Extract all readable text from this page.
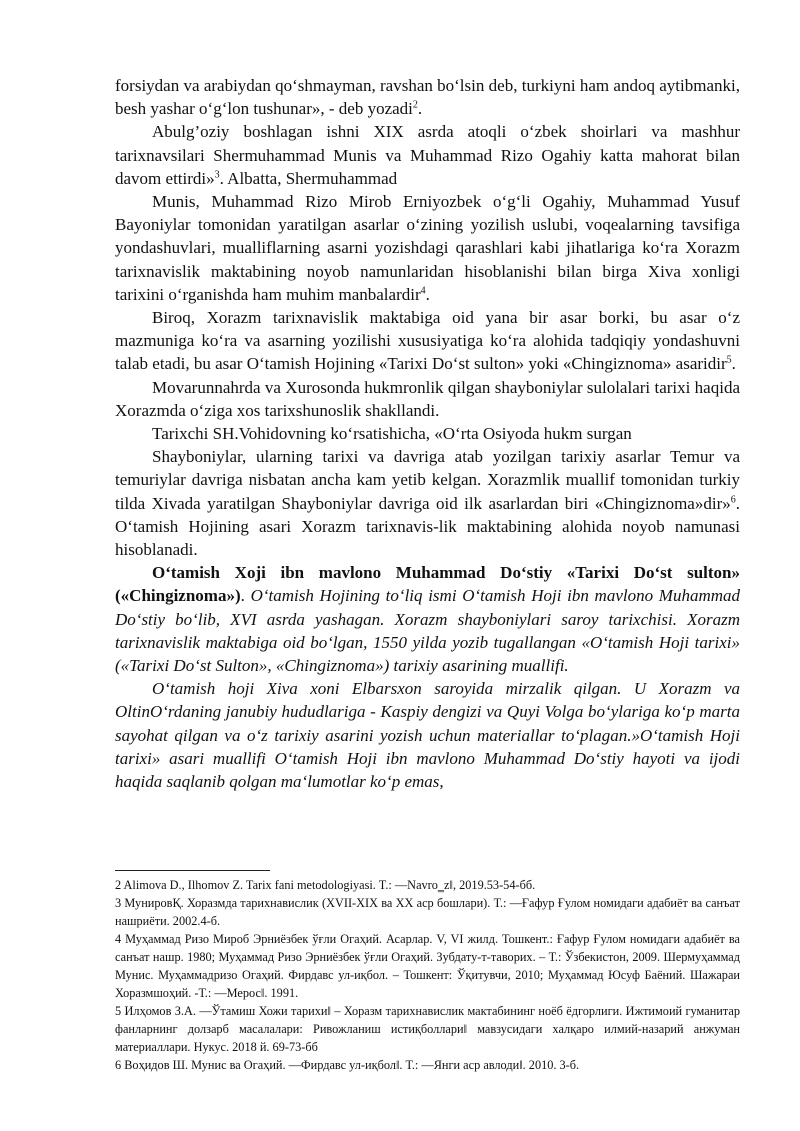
forsiydan va arabiydan qoʻshmayman, ravshan boʻlsin deb, turkiyni ham andoq aytibmanki, besh yashar oʻgʻlon tushunar», - deb yozadi$^2$.

Abulg’oziy boshlagan ishni XIX asrda atoqli oʻzbek shoirlari va mashhur tarixnavsilari Shermuhammad Munis va Muhammad Rizo Ogahiy katta mahorat bilan davom ettirdi»$^3$. Albatta, Shermuhammad

Munis, Muhammad Rizo Mirob Erniyozbek oʻgʻli Ogahiy, Muhammad Yusuf Bayoniylar tomonidan yaratilgan asarlar oʻzining yozilish uslubi, voqealarning tavsifiga yondashuvlari, mualliflarning asarni yozishdagi qarashlari kabi jihatlariga koʻra Xorazm tarixnavislik maktabining noyob namunlaridan hisoblanishi bilan birga Xiva xonligi tarixini oʻrganishda ham muhim manbalardir$^4$.

Biroq, Xorazm tarixnavislik maktabiga oid yana bir asar borki, bu asar oʻz mazmuniga koʻra va asarning yozilishi xususiyatiga koʻra alohida tadqiqiy yondashuvni talab etadi, bu asar Oʻtamish Hojining «Tarixi Doʻst sulton» yoki «Chingiznoma» asaridir$^5$.

Movarunnahrda va Xurosonda hukmronlik qilgan shayboniylar sulolalari tarixi haqida Xorazmda oʻziga xos tarixshunoslik shakllandi.

Tarixchi SH.Vohidovning koʻrsatishicha, «Oʻrta Osiyoda hukm surgan

Shayboniylar, ularning tarixi va davriga atab yozilgan tarixiy asarlar Temur va temuriylar davriga nisbatan ancha kam yetib kelgan. Xorazmlik muallif tomonidan turkiy tilda Xivada yaratilgan Shayboniylar davriga oid ilk asarlardan biri «Chingiznoma»dir»$^6$. Oʻtamish Hojining asari Xorazm tarixnavis-lik maktabining alohida noyob namunasi hisoblanadi.

Oʻtamish Xoji ibn mavlono Muhammad Doʻstiy «Tarixi Doʻst sulton» («Chingiznoma»). Oʻtamish Hojining toʻliq ismi Oʻtamish Hoji ibn mavlono Muhammad Doʻstiy boʻlib, XVI asrda yashagan. Xorazm shayboniylari saroy tarixchisi. Xorazm tarixnavislik maktabiga oid boʻlgan, 1550 yilda yozib tugallangan «Oʻtamish Hoji tarixi» («Tarixi Doʻst Sulton», «Chingiznoma») tarixiy asarining muallifi.

Oʻtamish hoji Xiva xoni Elbarsxon saroyida mirzalik qilgan. U Xorazm va OltinOʻrdaning janubiy hududlariga - Kaspiy dengizi va Quyi Volga boʻylariga koʻp marta sayohat qilgan va oʻz tarixiy asarini yozish uchun materiallar toʻplagan.»Oʻtamish Hoji tarixi» asari muallifi Oʻtamish Hoji ibn mavlono Muhammad Doʻstiy hayoti va ijodi haqida saqlanib qolgan maʻlumotlar koʻp emas,

2 Alimova D., Ilhomov Z. Tarix fani metodologiyasi. T.: ―Navro‗zǁ, 2019.53-54-бб.
3 МунировҚ. Хоразмда тарихнавислик (XVII-XIX ва XX аср бошлари). Т.: ―Ғафур Ғулом номидаги адабиёт ва санъат нашриёти. 2002.4-б.
4 Муҳаммад Ризо Мироб Эрниёзбек ўғли Огаҳий. Асарлар. V, VI жилд. Тошкент.: Ғафур Ғулом номидаги адабиёт ва санъат нашр. 1980; Муҳаммад Ризо Эрниёзбек ўғли Огаҳий. Зубдату-т-таворих. – Т.: Ўзбекистон, 2009. Шермуҳаммад Мунис. Муҳаммадризо Огаҳий. Фирдавс ул-иқбол. – Тошкент: Ўқитувчи, 2010; Муҳаммад Юсуф Баёний. Шажараи Хоразмшоҳий. -Т.: ―Меросǁ. 1991.
5 Илҳомов З.А. ―Ўтамиш Хожи тарихиǁ – Хоразм тарихнавислик мактабининг ноёб ёдгорлиги. Ижтимоий гуманитар фанларнинг долзарб масалалари: Ривожланиш истиқболлариǁ мавзусидаги халқаро илмий-назарий анжуман материаллари. Нукус. 2018 й. 69-73-бб
6 Воҳидов Ш. Мунис ва Огаҳий. ―Фирдавс ул-иқболǁ. Т.: ―Янги аср авлодиǁ. 2010. 3-б.
